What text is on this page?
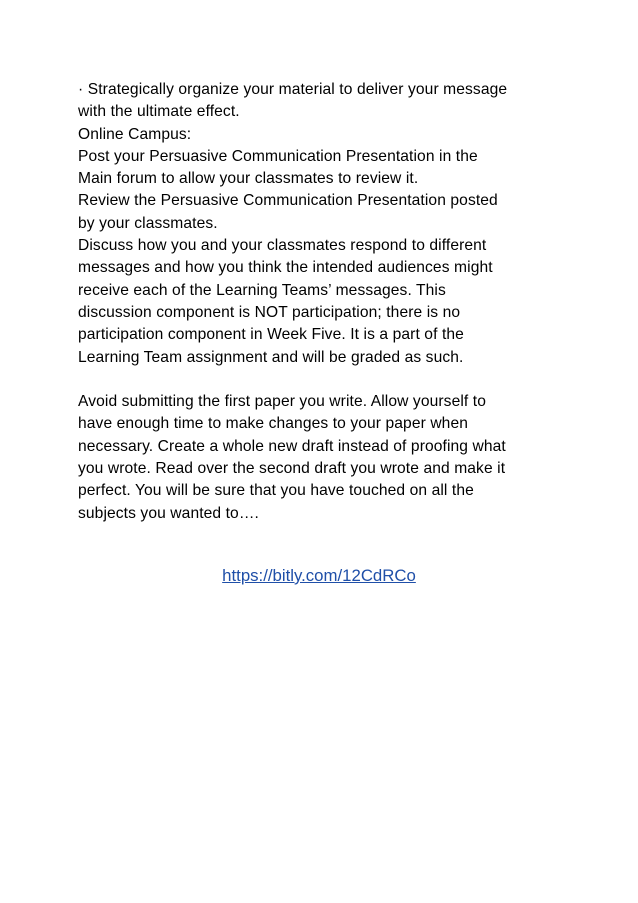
· Strategically organize your material to deliver your message
with the ultimate effect.
Online Campus:
Post your Persuasive Communication Presentation in the
Main forum to allow your classmates to review it.
Review the Persuasive Communication Presentation posted
by your classmates.
Discuss how you and your classmates respond to different
messages and how you think the intended audiences might
receive each of the Learning Teams’ messages. This
discussion component is NOT participation; there is no
participation component in Week Five. It is a part of the
Learning Team assignment and will be graded as such.
Avoid submitting the first paper you write. Allow yourself to
have enough time to make changes to your paper when
necessary. Create a whole new draft instead of proofing what
you wrote. Read over the second draft you wrote and make it
perfect. You will be sure that you have touched on all the
subjects you wanted to….
https://bitly.com/12CdRCo
